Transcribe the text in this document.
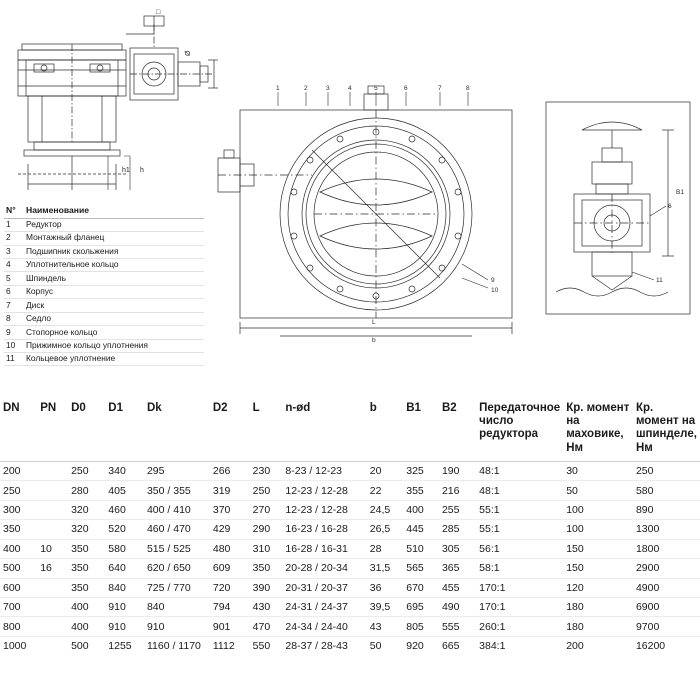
h1 h
□
Ø
1	2	3	4	5	6	7	8
9
10
L
b
B1
11
6
N°	Наименование
1	Редуктор
2	Монтажный фланец
3	Подшипник скольжения
4	Уплотнительное кольцо
5	Шпиндель
6	Корпус
7	Диск
8	Седло
9	Стопорное кольцо
10	Прижимное кольцо уплотнения
11	Кольцевое уплотнение
DN	PN	D0	D1	Dk	D2	L	n-ød	b	B1	B2	Передаточное число редуктора	Кр. момент на маховике, Нм	Кр. момент на шпинделе, Нм
200		250	340	295	266	230	8-23 / 12-23	20	325	190	48:1	30	250
250		280	405	350 / 355	319	250	12-23 / 12-28	22	355	216	48:1	50	580
300		320	460	400 / 410	370	270	12-23 / 12-28	24,5	400	255	55:1	100	890
350		320	520	460 / 470	429	290	16-23 / 16-28	26,5	445	285	55:1	100	1300
400	10	350	580	515 / 525	480	310	16-28 / 16-31	28	510	305	56:1	150	1800
500	16	350	640	620 / 650	609	350	20-28 / 20-34	31,5	565	365	58:1	150	2900
600		350	840	725 / 770	720	390	20-31 / 20-37	36	670	455	170:1	120	4900
700		400	910	840	794	430	24-31 / 24-37	39,5	695	490	170:1	180	6900
800		400	910	910	901	470	24-34 / 24-40	43	805	555	260:1	180	9700
1000		500	1255	1160 / 1170	1112	550	28-37 / 28-43	50	920	665	384:1	200	16200
